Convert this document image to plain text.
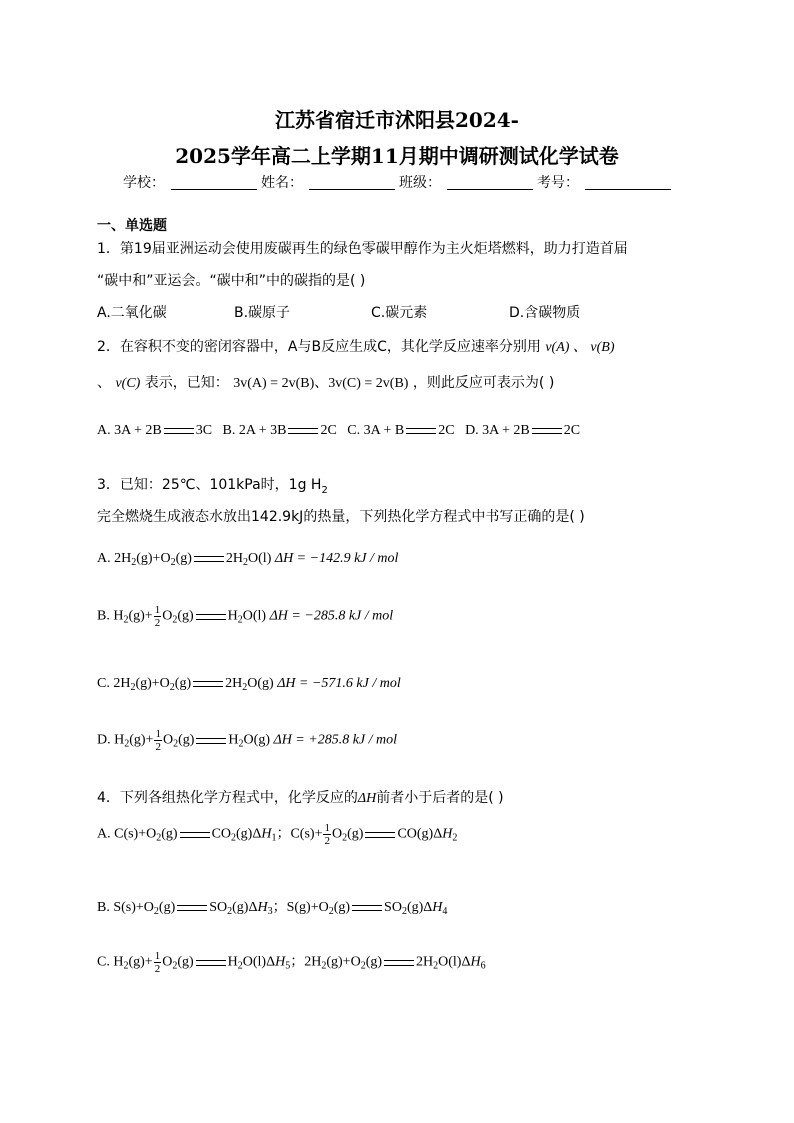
江苏省宿迁市沭阳县2024-
2025学年高二上学期11月期中调研测试化学试卷
学校：	姓名：	班级：	考号：
一、单选题
1．第19届亚洲运动会使用废碳再生的绿色零碳甲醇作为主火炬塔燃料，助力打造首届
“碳中和”亚运会。“碳中和”中的碳指的是( )
A.二氧化碳	B.碳原子	C.碳元素	D.含碳物质
2．在容积不变的密闭容器中，A与B反应生成C，其化学反应速率分别用 v(A) 、 v(B)
、 v(C) 表示，已知： 3v(A) = 2v(B)、3v(C) = 2v(B) ，则此反应可表示为( )
A. 3A + 2B 3C B. 2A + 3B 2C C. 3A + B 2C D. 3A + 2B 2C
3．已知：25℃、101kPa时，1g $H_2$
完全燃烧生成液态水放出142.9kJ的热量，下列热化学方程式中书写正确的是( )
A. $2H_2(g)+O_2(g)$ $2H_2O(l) \Delta H = -142.9$ kJ / mol
B. $H_2(g)+ \frac{1}{2} O_2(g)$ $H_2O(l) \Delta H = -285.8$ kJ / mol
C. $2H_2(g)+O_2(g)$ $2H_2O(g) \Delta H = -571.6$ kJ / mol
D. $H_2(g)+ \frac{1}{2} O_2(g)$ $H_2O(g) \Delta H = +285.8$ kJ / mol
4．下列各组热化学方程式中，化学反应的ΔH前者小于后者的是( )
A. $C(s)+O_2(g)$ $CO_2(g)\Delta H_1$；$C(s)+ \frac{1}{2} O_2(g)$ $CO(g)\Delta H_2$
B. $S(s)+O_2(g)$ $SO_2(g)\Delta H_3$；$S(g)+O_2(g)$ $SO_2(g)\Delta H_4$
C. $H_2(g)+ \frac{1}{2} O_2(g)$ $H_2O(l)\Delta H_5$；$2H_2(g)+O_2(g)$ $2H_2O(l)\Delta H_6$
